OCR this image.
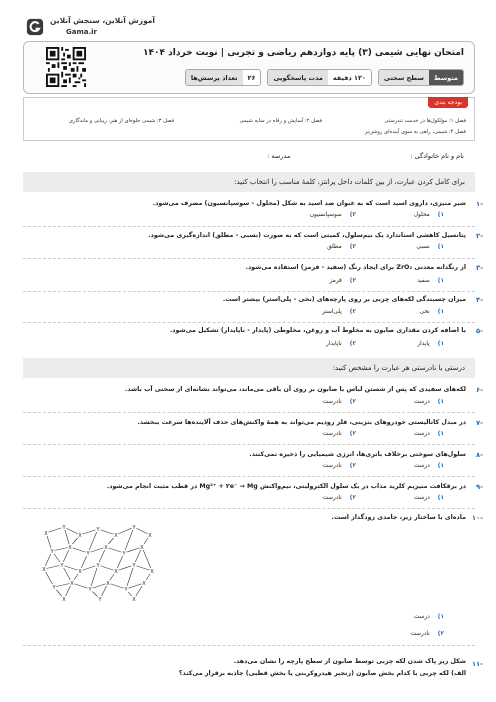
آموزش آنلاین، سنجش آنلاین
Gama.ir
امتحان نهایی شیمی (۳) پایه دوازدهم ریاضی و تجربی | نوبت خرداد ۱۴۰۴
تعداد پرسش‌ها	۲۶	مدت پاسخگویی	۱۲۰ دقیقه	سطح سختی	متوسط
بودجه بندی
فصل ۱: مولکول‌ها در خدمت تندرستی
فصل ۲: آسایش و رفاه در سایه شیمی
فصل ۳: شیمی جلوه‌ای از هنر، زیبایی و ماندگاری
فصل ۴: شیمی، راهی به سوی آینده‌ای روشن‌تر
نام و نام خانوادگی :
مدرسه :
برای کامل کردن عبارت، از بین کلمات داخل پرانتز، کلمهٔ مناسب را انتخاب کنید:
-۱
شیر منیزی، داروی اسید است که به عنوان ضد اسید به شکل (محلول - سوسپانسیون) مصرف می‌شود.
۱)محلول
۲)سوسپانسیون
-۲
پتانسیل کاهشی استاندارد یک نیم‌سلول، کمیتی است که به صورت (نسبی - مطلق) اندازه‌گیری می‌شود.
۱)نسبی
۲)مطلق
-۳
از رنگدانه معدنی ZrO₂ برای ایجاد رنگ (سفید - قرمز) استفاده می‌شود.
۱)سفید
۲)قرمز
-۴
میزان چسبندگی لکه‌های چربی بر روی پارچه‌های (نخی - پلی‌استر) بیشتر است.
۱)نخی
۲)پلی‌استر
-۵
با اضافه کردن مقداری صابون به مخلوط آب و روغن، مخلوطی (پایدار - ناپایدار) تشکیل می‌شود.
۱)پایدار
۲)ناپایدار
درستی یا نادرستی هر عبارت را مشخص کنید:
-۶
لکه‌های سفیدی که پس از شستن لباس با صابون بر روی آن باقی می‌ماند، می‌تواند نشانه‌ای از سختی آب باشد.
۱)درست
۲)نادرست
-۷
در مبدل کاتالیستی خودروهای بنزینی، فلز روديم می‌تواند به همهٔ واکنش‌های حذف آلاینده‌ها سرعت ببخشد.
۱)درست
۲)نادرست
-۸
سلول‌های سوختی برخلاف باتری‌ها، انرژی شیمیایی را ذخیره نمی‌کنند.
۱)درست
۲)نادرست
-۹
در برقکافت منیزیم کلرید مذاب در یک سلول الکترولیتی، نیم‌واکنش Mg²⁺ + ۲e⁻ → Mg در قطب مثبت انجام می‌شود.
۱)درست
۲)نادرست
-۱۰
ماده‌ای با ساختار زیر، جامدی زودگداز است.
X
Y
X
Y
X
Y
X
Y
X
Y
X
Y
X
X
Y
X
Y
X
Y
X
Y
X
Y
X
Y
X
X	Y	X
۱)درست
۲)نادرست
-۱۱
شکل زیر پاک شدن لکه چربی توسط صابون از سطح پارچه را نشان می‌دهد.
الف) لکه چربی با کدام بخش صابون (زنجیر هیدروکربنی یا بخش قطبی) جاذبه برقرار می‌کند؟
